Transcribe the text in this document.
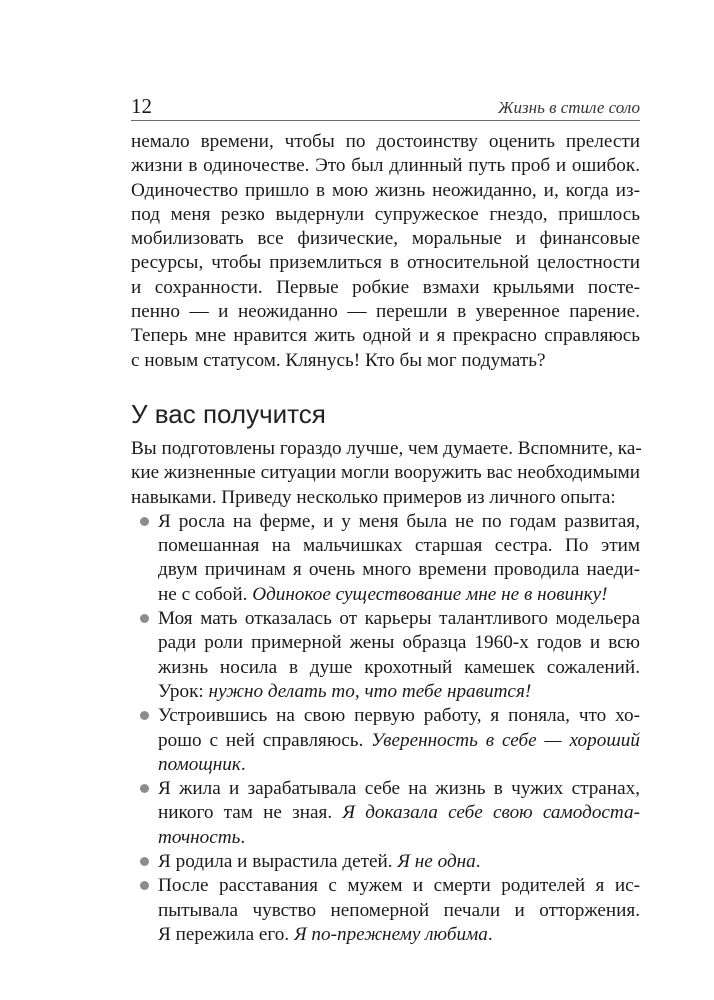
12	Жизнь в стиле соло
немало времени, чтобы по достоинству оценить прелести
жизни в одиночестве. Это был длинный путь проб и ошибок.
Одиночество пришло в мою жизнь неожиданно, и, когда из-
под меня резко выдернули супружеское гнездо, пришлось
мобилизовать все физические, моральные и финансовые
ресурсы, чтобы приземлиться в относительной целостности
и сохранности. Первые робкие взмахи крыльями посте-
пенно — и неожиданно — перешли в уверенное парение.
Теперь мне нравится жить одной и я прекрасно справляюсь
с новым статусом. Клянусь! Кто бы мог подумать?
У вас получится
Вы подготовлены гораздо лучше, чем думаете. Вспомните, ка-
кие жизненные ситуации могли вооружить вас необходимыми
навыками. Приведу несколько примеров из личного опыта:
Я росла на ферме, и у меня была не по годам развитая,
помешанная на мальчишках старшая сестра. По этим
двум причинам я очень много времени проводила наеди-
не с собой. Одинокое существование мне не в новинку!
Моя мать отказалась от карьеры талантливого модельера
ради роли примерной жены образца 1960-х годов и всю
жизнь носила в душе крохотный камешек сожалений.
Урок: нужно делать то, что тебе нравится!
Устроившись на свою первую работу, я поняла, что хо-
рошо с ней справляюсь. Уверенность в себе — хороший
помощник.
Я жила и зарабатывала себе на жизнь в чужих странах,
никого там не зная. Я доказала себе свою самодоста-
точность.
Я родила и вырастила детей. Я не одна.
После расставания с мужем и смерти родителей я ис-
пытывала чувство непомерной печали и отторжения.
Я пережила его. Я по-прежнему любима.
